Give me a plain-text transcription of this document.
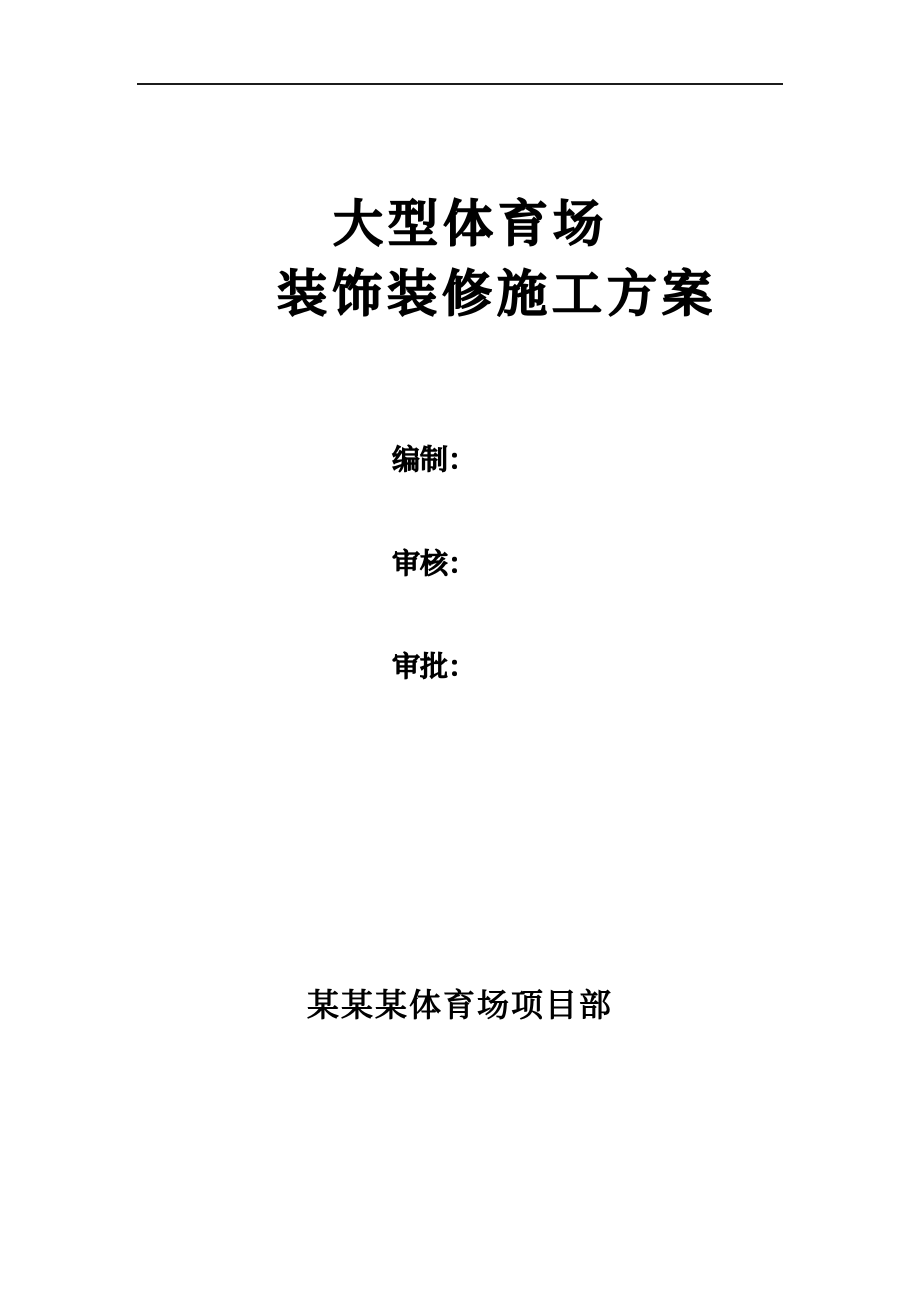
大型体育场
装饰装修施工方案
编制：
审核：
审批：
某某某体育场项目部
